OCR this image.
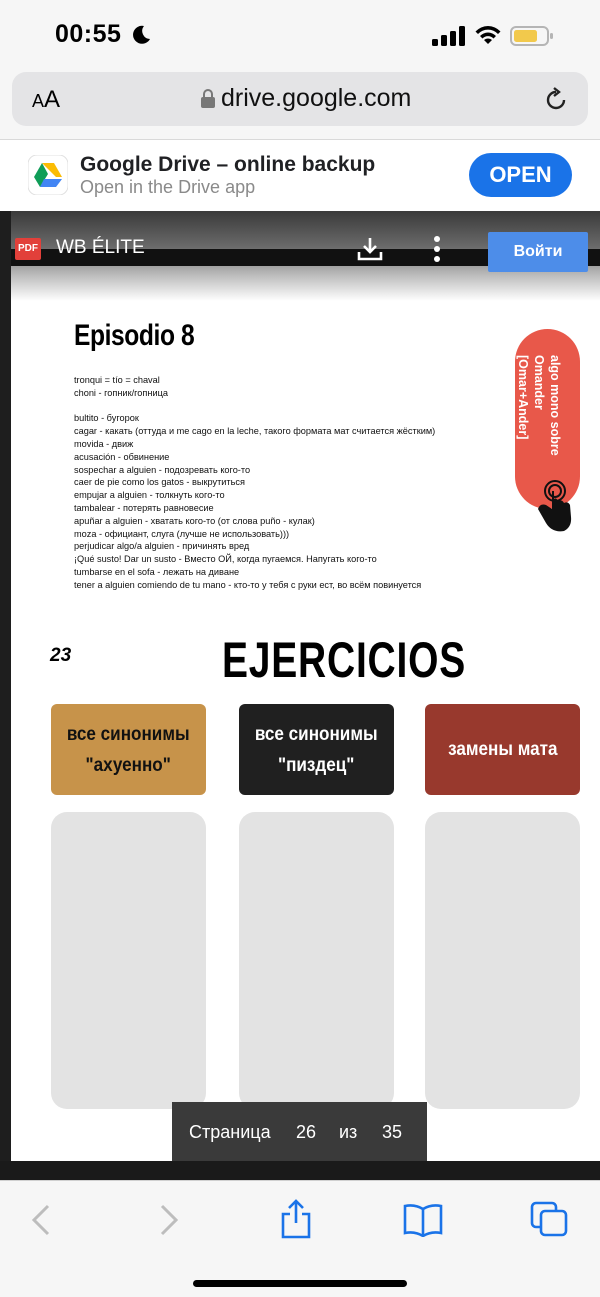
00:55
AA	drive.google.com
Google Drive – online backup
Open in the Drive app	OPEN
PDF WB ÉLITE	Войти
Episodio 8
tronqui = tío = chaval
choni - гопник/гопница
bultito - бугорок
cagar - какать (оттуда и me cago en la leche, такого формата мат считается жёстким)
movida - движ
acusación - обвинение
sospechar a alguien - подозревать кого-то
caer de pie como los gatos - выкрутиться
empujar a alguien - толкнуть кого-то
tambalear - потерять равновесие
apuñar a alguien - хватать кого-то (от слова puño - кулак)
moza - официант, слуга (лучше не использовать)))
perjudicar algo/a alguien - причинять вред
¡Qué susto! Dar un susto - Вместо ОЙ, когда пугаемся. Напугать кого-то
tumbarse en el sofa - лежать на диване
tener a alguien comiendo de tu mano - кто-то у тебя с руки ест, во всём повинуется
algo mono sobre
Omander [Omar+Ander]
23	EJERCICIOS
все синонимы
"ахуенно"
все синонимы
"пиздец"
замены мата
Страница 26 из 35
